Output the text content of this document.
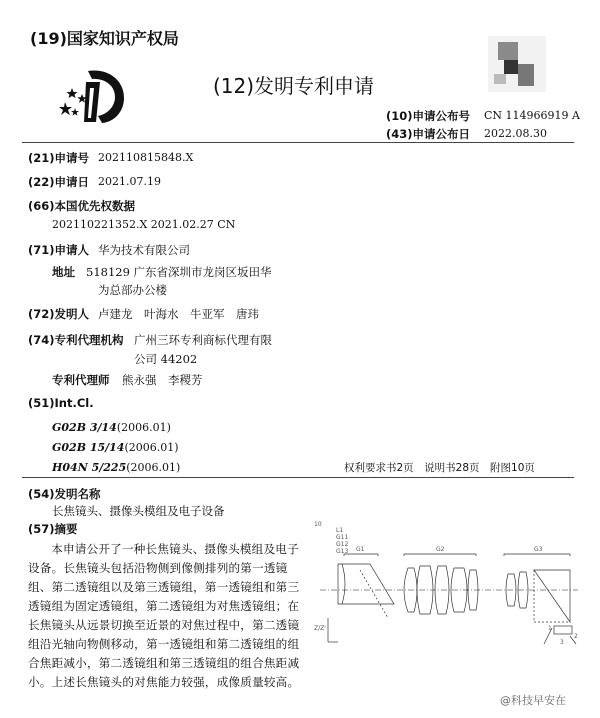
(19)国家知识产权局
(12)发明专利申请
(10)申请公布号 CN 114966919 A
(43)申请公布日 2022.08.30
(21)申请号 202110815848.X
(22)申请日 2021.07.19
(66)本国优先权数据
202110221352.X 2021.02.27 CN
(71)申请人 华为技术有限公司
地址 518129 广东省深圳市龙岗区坂田华
为总部办公楼
(72)发明人 卢建龙　叶海水　牛亚军　唐玮
(74)专利代理机构 广州三环专利商标代理有限
公司 44202
专利代理师 熊永强　李稷芳
(51)Int.Cl.
G02B 3/14(2006.01)
G02B 15/14(2006.01)
H04N 5/225(2006.01)	权利要求书2页　说明书28页　附图10页
(54)发明名称
长焦镜头、摄像头模组及电子设备
(57)摘要
本申请公开了一种长焦镜头、摄像头模组及电子设备。长焦镜头包括沿物侧到像侧排列的第一透镜组、第二透镜组以及第三透镜组，第一透镜组和第三透镜组为固定透镜组，第二透镜组为对焦透镜组；在长焦镜头从远景切换至近景的对焦过程中，第二透镜组沿光轴向物侧移动，第一透镜组和第二透镜组的组合焦距减小，第二透镜组和第三透镜组的组合焦距减小。上述长焦镜头的对焦能力较强，成像质量较高。
10
L1
G11
G12
G13 G1	G2	G3
Z/Z'
2
3
1
@科技早安在
